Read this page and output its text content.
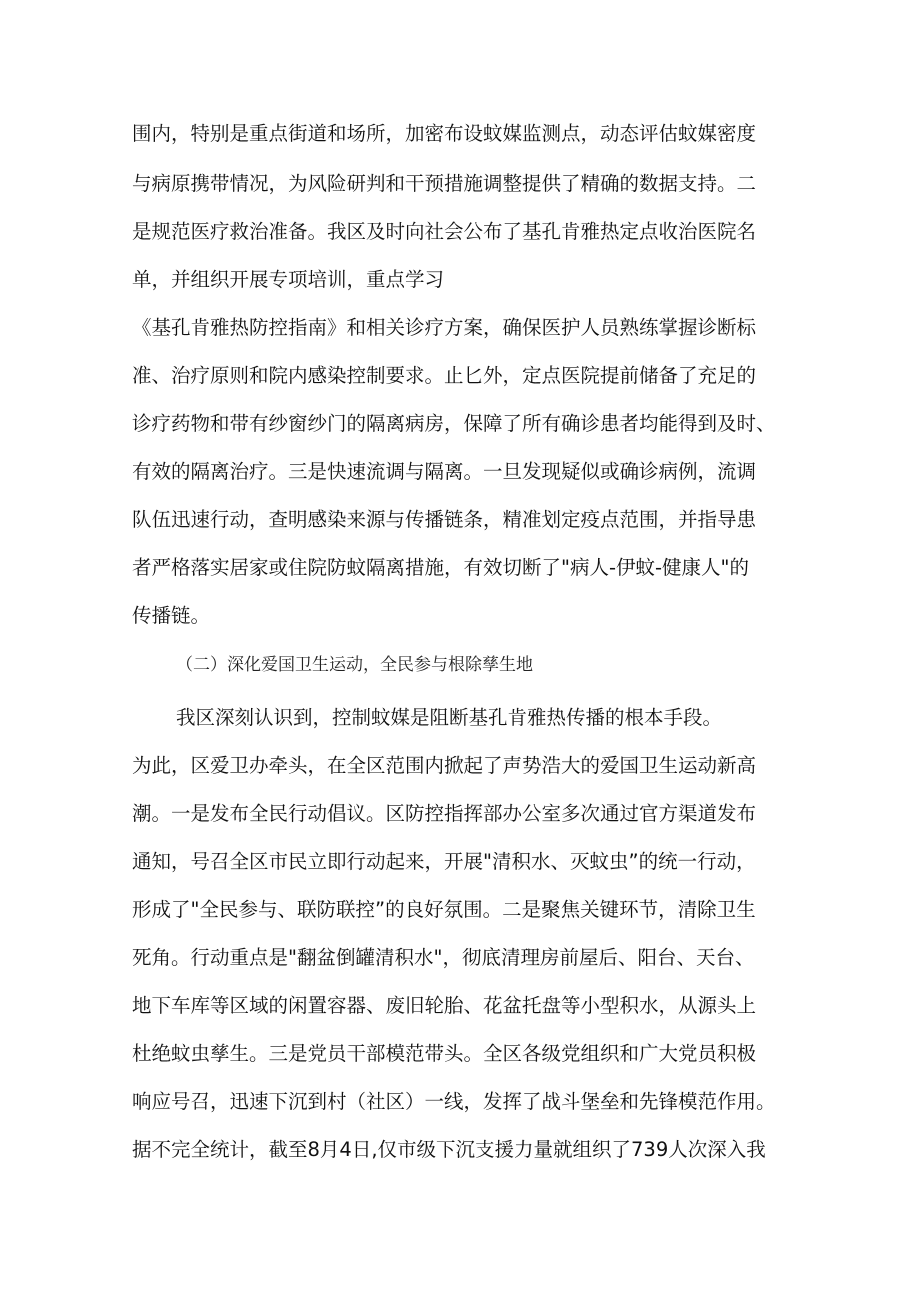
围内，特别是重点街道和场所，加密布设蚊媒监测点，动态评估蚊媒密度
与病原携带情况，为风险研判和干预措施调整提供了精确的数据支持。二
是规范医疗救治准备。我区及时向社会公布了基孔肯雅热定点收治医院名
单，并组织开展专项培训，重点学习
《基孔肯雅热防控指南》和相关诊疗方案，确保医护人员熟练掌握诊断标
准、治疗原则和院内感染控制要求。止匕外，定点医院提前储备了充足的
诊疗药物和带有纱窗纱门的隔离病房，保障了所有确诊患者均能得到及时、
有效的隔离治疗。三是快速流调与隔离。一旦发现疑似或确诊病例，流调
队伍迅速行动，查明感染来源与传播链条，精准划定疫点范围，并指导患
者严格落实居家或住院防蚊隔离措施，有效切断了"病人-伊蚊-健康人"的
传播链。
（二）深化爱国卫生运动，全民参与根除孳生地
我区深刻认识到，控制蚊媒是阻断基孔肯雅热传播的根本手段。
为此，区爱卫办牵头，在全区范围内掀起了声势浩大的爱国卫生运动新高
潮。一是发布全民行动倡议。区防控指挥部办公室多次通过官方渠道发布
通知，号召全区市民立即行动起来，开展"清积水、灭蚊虫”的统一行动，
形成了"全民参与、联防联控”的良好氛围。二是聚焦关键环节，清除卫生
死角。行动重点是"翻盆倒罐清积水"，彻底清理房前屋后、阳台、天台、
地下车库等区域的闲置容器、废旧轮胎、花盆托盘等小型积水，从源头上
杜绝蚊虫孳生。三是党员干部模范带头。全区各级党组织和广大党员积极
响应号召，迅速下沉到村（社区）一线，发挥了战斗堡垒和先锋模范作用。
据不完全统计，截至8月4日,仅市级下沉支援力量就组织了739人次深入我
